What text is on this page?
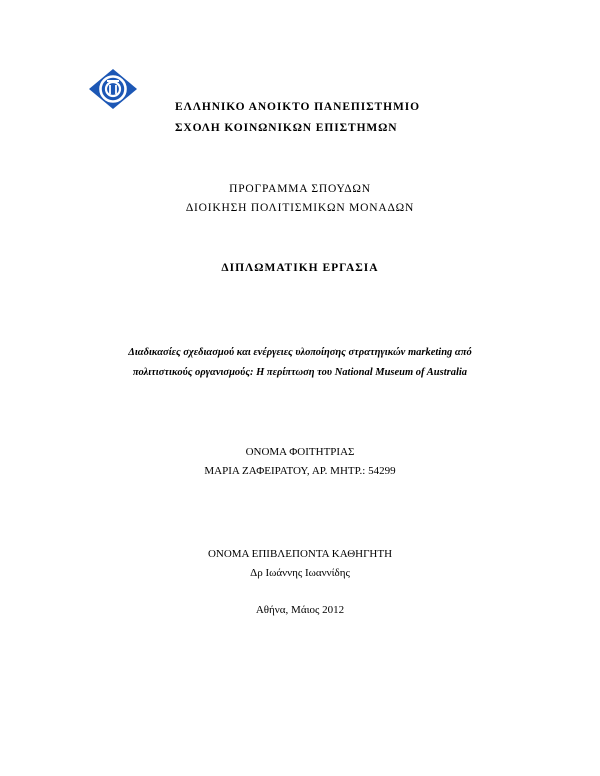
ΕΛΛΗΝΙΚΟ ΑΝΟΙΚΤΟ ΠΑΝΕΠΙΣΤΗΜΙΟ
ΣΧΟΛΗ ΚΟΙΝΩΝΙΚΩΝ ΕΠΙΣΤΗΜΩΝ
ΠΡΟΓΡΑΜΜΑ ΣΠΟΥΔΩΝ
ΔΙΟΙΚΗΣΗ ΠΟΛΙΤΙΣΜΙΚΩΝ ΜΟΝΑΔΩΝ
ΔΙΠΛΩΜΑΤΙΚΗ ΕΡΓΑΣΙΑ
Διαδικασίες σχεδιασμού και ενέργειες υλοποίησης στρατηγικών marketing από
πολιτιστικούς οργανισμούς: Η περίπτωση του National Museum of Australia
ΟΝΟΜΑ ΦΟΙΤΗΤΡΙΑΣ
ΜΑΡΙΑ ΖΑΦΕΙΡΑΤΟΥ, ΑΡ. ΜΗΤΡ.: 54299
ΟΝΟΜΑ ΕΠΙΒΛΕΠΟΝΤΑ ΚΑΘΗΓΗΤΗ
Δρ Ιωάννης Ιωαννίδης
Αθήνα, Μάιος 2012
